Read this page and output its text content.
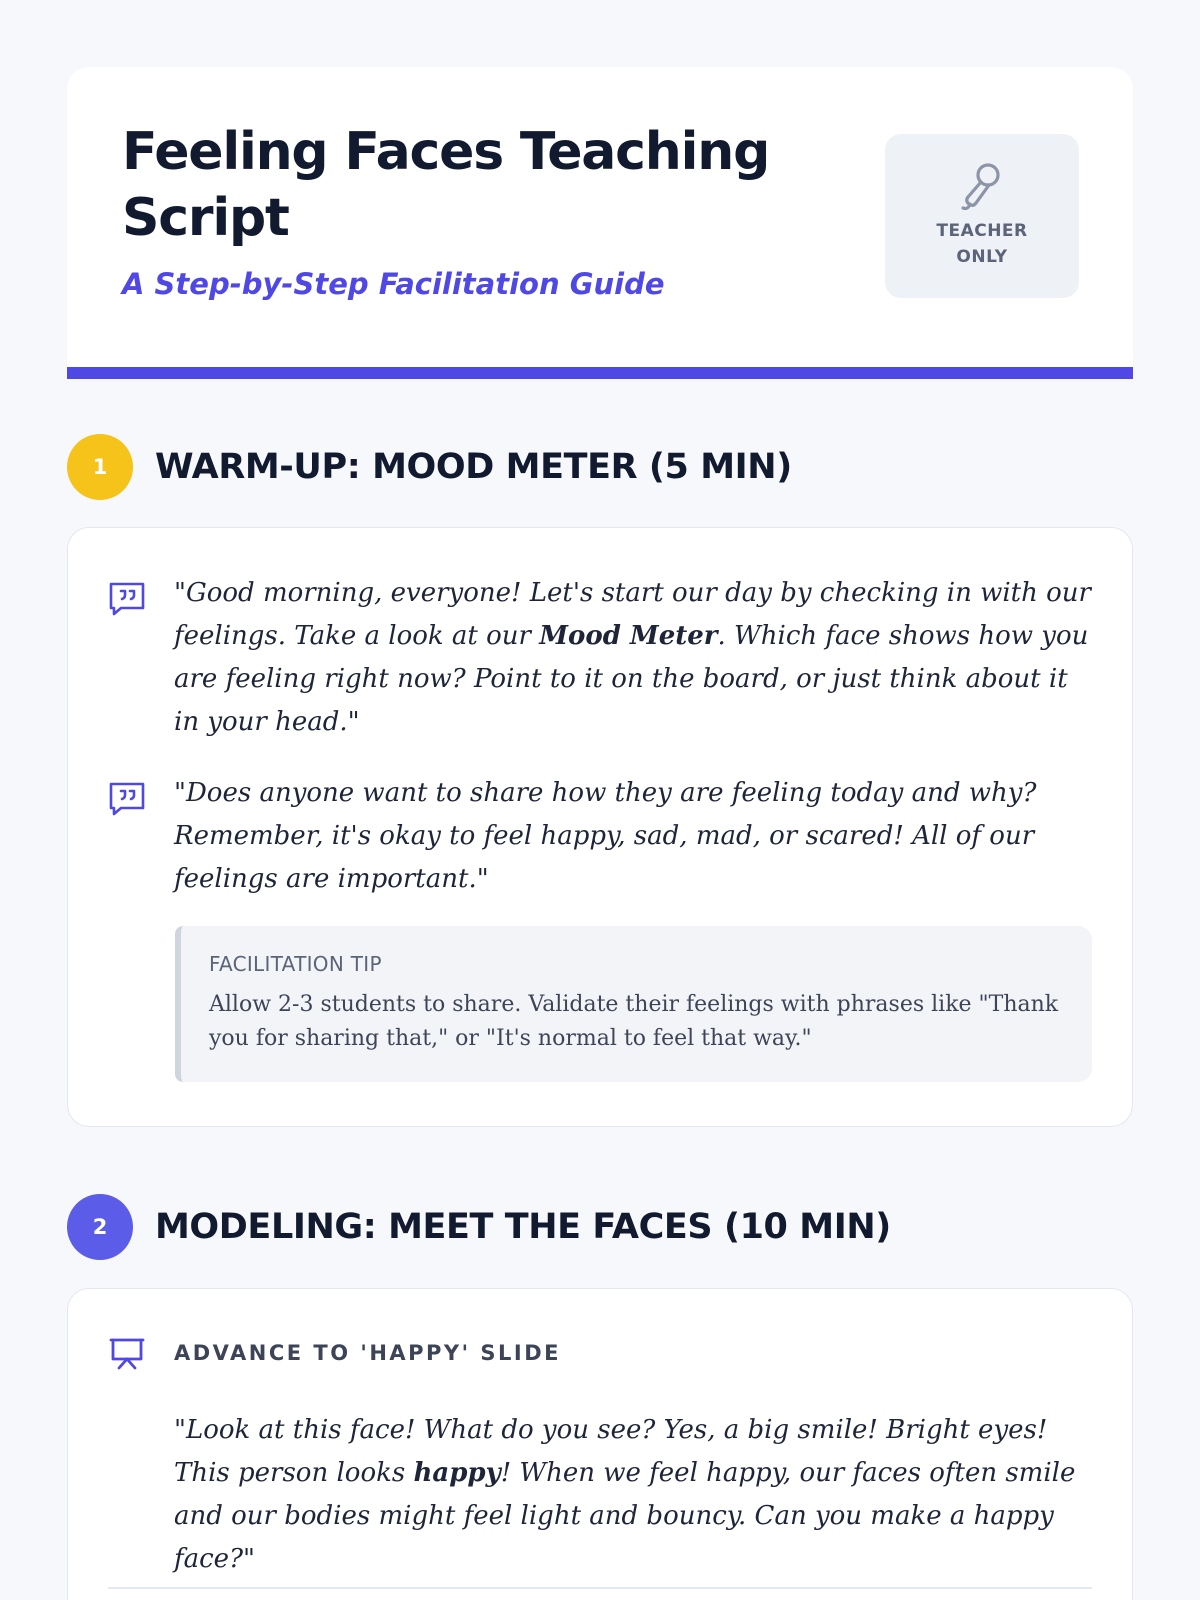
Feeling Faces Teaching Script
A Step-by-Step Facilitation Guide
TEACHER
ONLY
1	WARM-UP: MOOD METER (5 MIN)
"Good morning, everyone! Let's start our day by checking in with our feelings. Take a look at our Mood Meter. Which face shows how you are feeling right now? Point to it on the board, or just think about it in your head."
"Does anyone want to share how they are feeling today and why? Remember, it's okay to feel happy, sad, mad, or scared! All of our feelings are important."
FACILITATION TIP
Allow 2-3 students to share. Validate their feelings with phrases like "Thank you for sharing that," or "It's normal to feel that way."
2	MODELING: MEET THE FACES (10 MIN)
ADVANCE TO 'HAPPY' SLIDE
"Look at this face! What do you see? Yes, a big smile! Bright eyes! This person looks happy! When we feel happy, our faces often smile and our bodies might feel light and bouncy. Can you make a happy face?"
